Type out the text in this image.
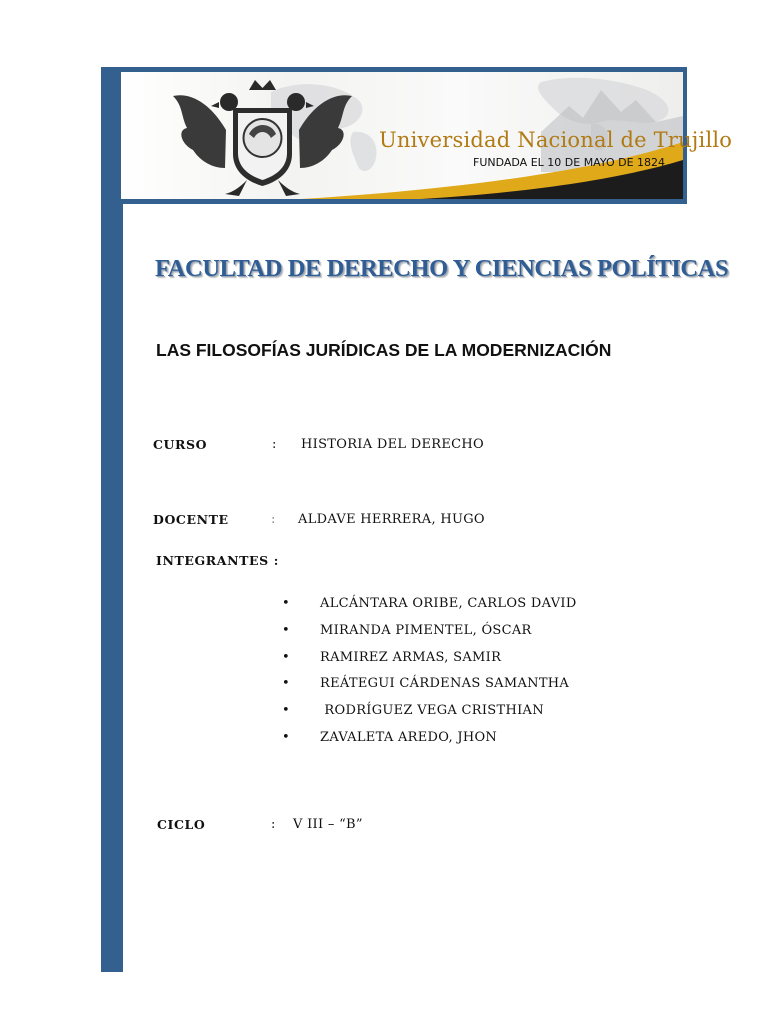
Universidad Nacional de Trujillo
FUNDADA EL 10 DE MAYO DE 1824
FACULTAD DE DERECHO Y CIENCIAS POLÍTICAS
LAS FILOSOFÍAS JURÍDICAS DE LA MODERNIZACIÓN
CURSO	: HISTORIA DEL DERECHO
DOCENTE	: ALDAVE HERRERA, HUGO
INTEGRANTES :
•	ALCÁNTARA ORIBE, CARLOS DAVID
•	MIRANDA PIMENTEL, ÓSCAR
•	RAMIREZ ARMAS, SAMIR
•	REÁTEGUI CÁRDENAS SAMANTHA
•	RODRÍGUEZ VEGA CRISTHIAN
•	ZAVALETA AREDO, JHON
CICLO	: V III – “B”
